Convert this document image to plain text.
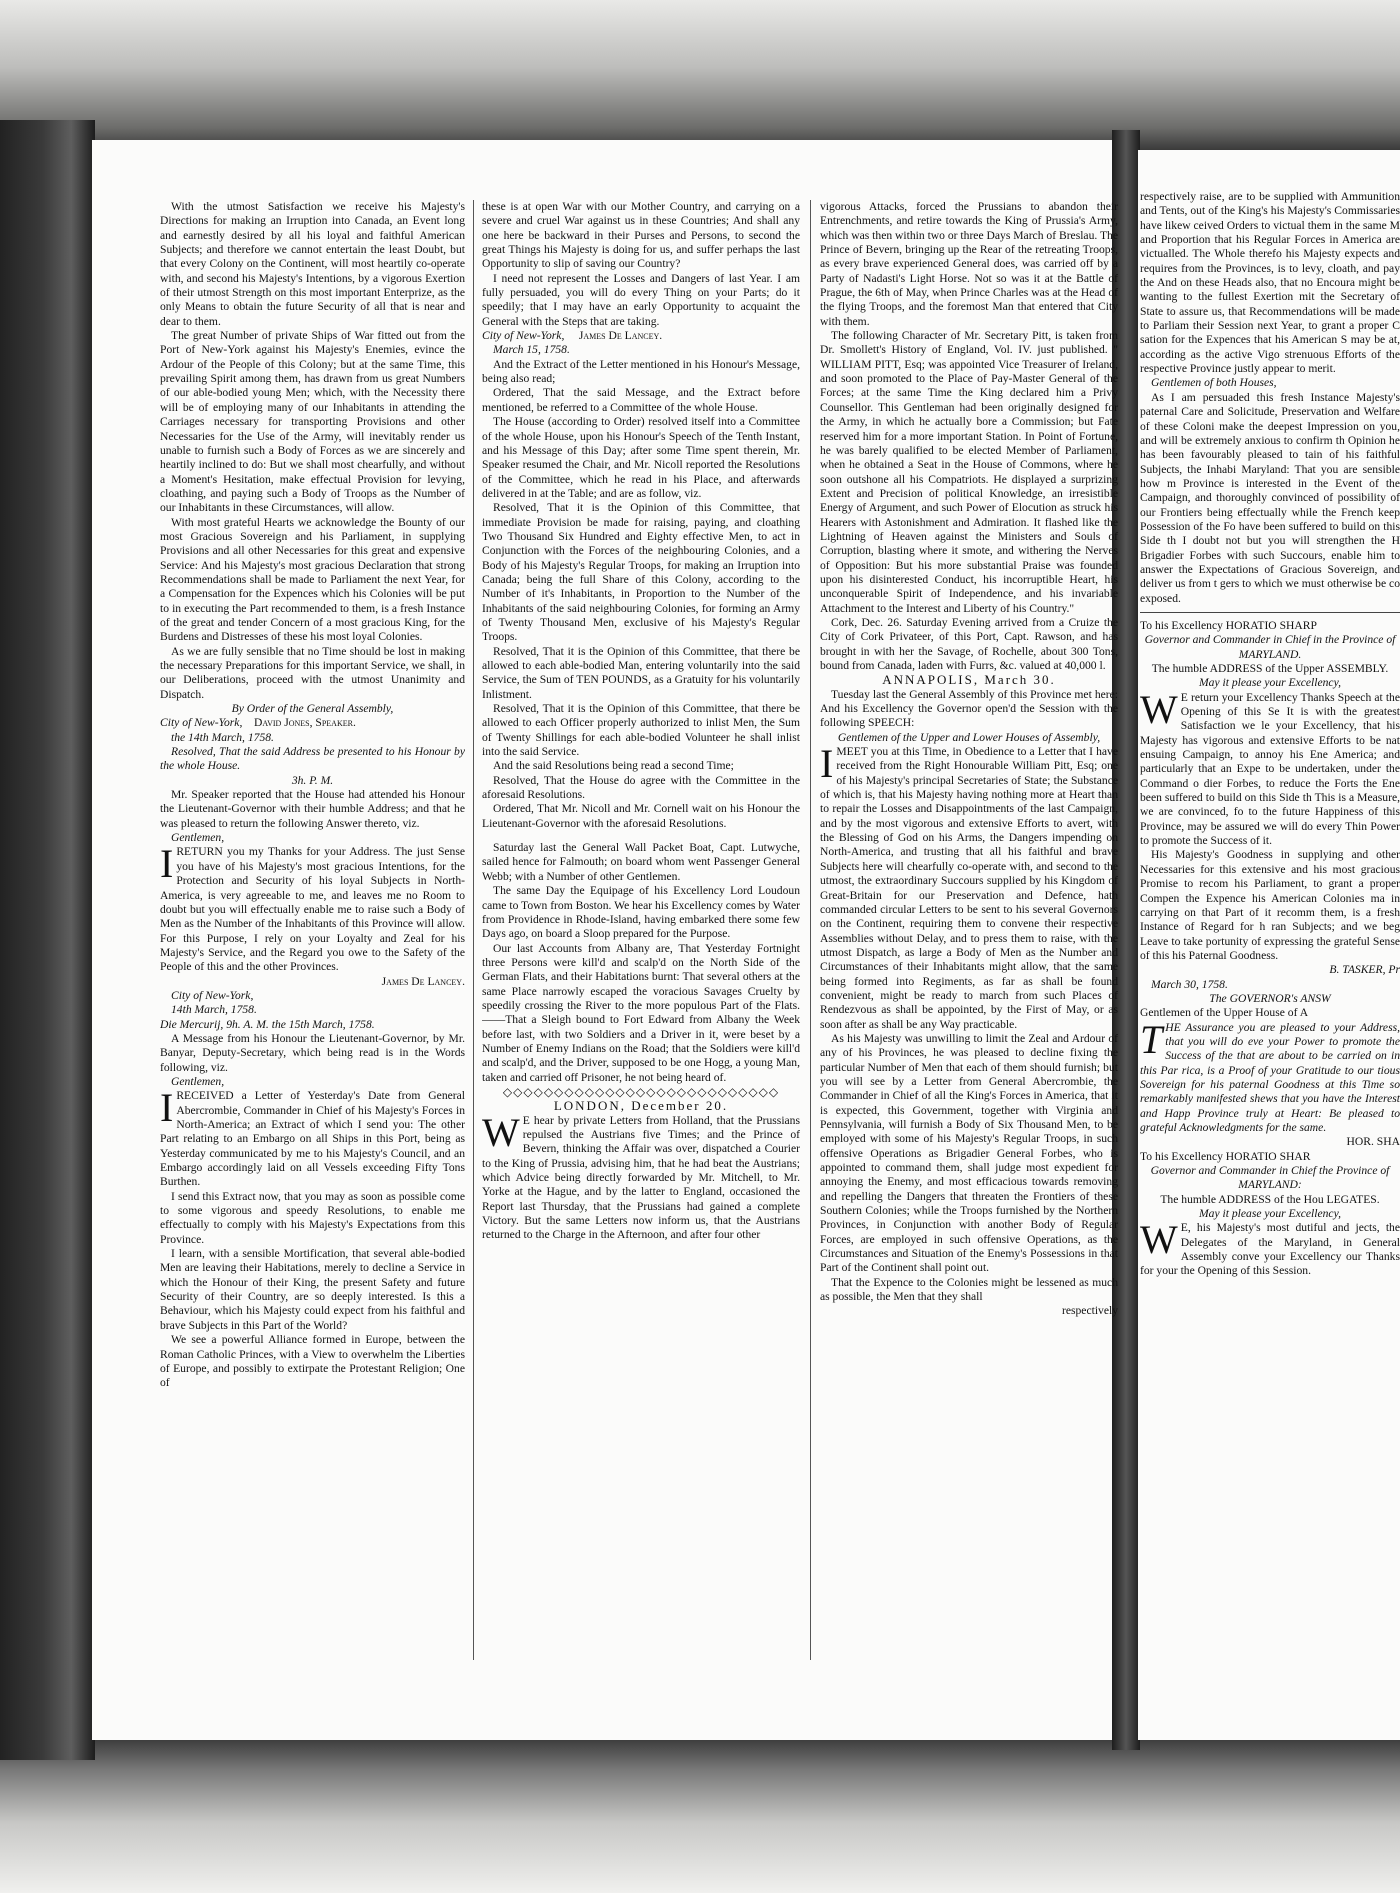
With the utmost Satisfaction we receive his Majesty's Directions for making an Irruption into Canada, an Event long and earnestly desired by all his loyal and faithful American Subjects; and therefore we cannot entertain the least Doubt, but that every Colony on the Continent, will most heartily co-operate with, and second his Majesty's Intentions, by a vigorous Exertion of their utmost Strength on this most important Enterprize, as the only Means to obtain the future Security of all that is near and dear to them.

The great Number of private Ships of War fitted out from the Port of New-York against his Majesty's Enemies, evince the Ardour of the People of this Colony; but at the same Time, this prevailing Spirit among them, has drawn from us great Numbers of our able-bodied young Men; which, with the Necessity there will be of employing many of our Inhabitants in attending the Carriages necessary for transporting Provisions and other Necessaries for the Use of the Army, will inevitably render us unable to furnish such a Body of Forces as we are sincerely and heartily inclined to do: But we shall most chearfully, and without a Moment's Hesitation, make effectual Provision for levying, cloathing, and paying such a Body of Troops as the Number of our Inhabitants in these Circumstances, will allow.

With most grateful Hearts we acknowledge the Bounty of our most Gracious Sovereign and his Parliament, in supplying Provisions and all other Necessaries for this great and expensive Service: And his Majesty's most gracious Declaration that strong Recommendations shall be made to Parliament the next Year, for a Compensation for the Expences which his Colonies will be put to in executing the Part recommended to them, is a fresh Instance of the great and tender Concern of a most gracious King, for the Burdens and Distresses of these his most loyal Colonies.

As we are fully sensible that no Time should be lost in making the necessary Preparations for this important Service, we shall, in our Deliberations, proceed with the utmost Unanimity and Dispatch.

By Order of the General Assembly,

City of New-York, David Jones, Speaker.

the 14th March, 1758.

Resolved, That the said Address be presented to his Honour by the whole House.

3h. P. M.

Mr. Speaker reported that the House had attended his Honour the Lieutenant-Governor with their humble Address; and that he was pleased to return the following Answer thereto, viz.

Gentlemen,

IRETURN you my Thanks for your Address. The just Sense you have of his Majesty's most gracious Intentions, for the Protection and Security of his loyal Subjects in North-America, is very agreeable to me, and leaves me no Room to doubt but you will effectually enable me to raise such a Body of Men as the Number of the Inhabitants of this Province will allow. For this Purpose, I rely on your Loyalty and Zeal for his Majesty's Service, and the Regard you owe to the Safety of the People of this and the other Provinces.

James De Lancey.

City of New-York,

14th March, 1758.

Die Mercurij, 9h. A. M. the 15th March, 1758.

A Message from his Honour the Lieutenant-Governor, by Mr. Banyar, Deputy-Secretary, which being read is in the Words following, viz.

Gentlemen,

IRECEIVED a Letter of Yesterday's Date from General Abercrombie, Commander in Chief of his Majesty's Forces in North-America; an Extract of which I send you: The other Part relating to an Embargo on all Ships in this Port, being as Yesterday communicated by me to his Majesty's Council, and an Embargo accordingly laid on all Vessels exceeding Fifty Tons Burthen.

I send this Extract now, that you may as soon as possible come to some vigorous and speedy Resolutions, to enable me effectually to comply with his Majesty's Expectations from this Province.

I learn, with a sensible Mortification, that several able-bodied Men are leaving their Habitations, merely to decline a Service in which the Honour of their King, the present Safety and future Security of their Country, are so deeply interested. Is this a Behaviour, which his Majesty could expect from his faithful and brave Subjects in this Part of the World?

We see a powerful Alliance formed in Europe, between the Roman Catholic Princes, with a View to overwhelm the Liberties of Europe, and possibly to extirpate the Protestant Religion; One of

these is at open War with our Mother Country, and carrying on a severe and cruel War against us in these Countries; And shall any one here be backward in their Purses and Persons, to second the great Things his Majesty is doing for us, and suffer perhaps the last Opportunity to slip of saving our Country?

I need not represent the Losses and Dangers of last Year. I am fully persuaded, you will do every Thing on your Parts; do it speedily; that I may have an early Opportunity to acquaint the General with the Steps that are taking.

City of New-York, James De Lancey.

March 15, 1758.

And the Extract of the Letter mentioned in his Honour's Message, being also read;

Ordered, That the said Message, and the Extract before mentioned, be referred to a Committee of the whole House.

The House (according to Order) resolved itself into a Committee of the whole House, upon his Honour's Speech of the Tenth Instant, and his Message of this Day; after some Time spent therein, Mr. Speaker resumed the Chair, and Mr. Nicoll reported the Resolutions of the Committee, which he read in his Place, and afterwards delivered in at the Table; and are as follow, viz.

Resolved, That it is the Opinion of this Committee, that immediate Provision be made for raising, paying, and cloathing Two Thousand Six Hundred and Eighty effective Men, to act in Conjunction with the Forces of the neighbouring Colonies, and a Body of his Majesty's Regular Troops, for making an Irruption into Canada; being the full Share of this Colony, according to the Number of it's Inhabitants, in Proportion to the Number of the Inhabitants of the said neighbouring Colonies, for forming an Army of Twenty Thousand Men, exclusive of his Majesty's Regular Troops.

Resolved, That it is the Opinion of this Committee, that there be allowed to each able-bodied Man, entering voluntarily into the said Service, the Sum of TEN POUNDS, as a Gratuity for his voluntarily Inlistment.

Resolved, That it is the Opinion of this Committee, that there be allowed to each Officer properly authorized to inlist Men, the Sum of Twenty Shillings for each able-bodied Volunteer he shall inlist into the said Service.

And the said Resolutions being read a second Time;

Resolved, That the House do agree with the Committee in the aforesaid Resolutions.

Ordered, That Mr. Nicoll and Mr. Cornell wait on his Honour the Lieutenant-Governor with the aforesaid Resolutions.

Saturday last the General Wall Packet Boat, Capt. Lutwyche, sailed hence for Falmouth; on board whom went Passenger General Webb; with a Number of other Gentlemen.

The same Day the Equipage of his Excellency Lord Loudoun came to Town from Boston. We hear his Excellency comes by Water from Providence in Rhode-Island, having embarked there some few Days ago, on board a Sloop prepared for the Purpose.

Our last Accounts from Albany are, That Yesterday Fortnight three Persons were kill'd and scalp'd on the North Side of the German Flats, and their Habitations burnt: That several others at the same Place narrowly escaped the voracious Savages Cruelty by speedily crossing the River to the more populous Part of the Flats.——That a Sleigh bound to Fort Edward from Albany the Week before last, with two Soldiers and a Driver in it, were beset by a Number of Enemy Indians on the Road; that the Soldiers were kill'd and scalp'd, and the Driver, supposed to be one Hogg, a young Man, taken and carried off Prisoner, he not being heard of.

◇◇◇◇◇◇◇◇◇◇◇◇◇◇◇◇◇◇◇◇◇◇◇◇◇◇◇

LONDON, December 20.

W E hear by private Letters from Holland, that the Prussians repulsed the Austrians five Times; and the Prince of Bevern, thinking the Affair was over, dispatched a Courier to the King of Prussia, advising him, that he had beat the Austrians; which Advice being directly forwarded by Mr. Mitchell, to Mr. Yorke at the Hague, and by the latter to England, occasioned the Report last Thursday, that the Prussians had gained a complete Victory. But the same Letters now inform us, that the Austrians returned to the Charge in the Afternoon, and after four other

vigorous Attacks, forced the Prussians to abandon their Entrenchments, and retire towards the King of Prussia's Army, which was then within two or three Days March of Breslau. The Prince of Bevern, bringing up the Rear of the retreating Troops, as every brave experienced General does, was carried off by a Party of Nadasti's Light Horse. Not so was it at the Battle of Prague, the 6th of May, when Prince Charles was at the Head of the flying Troops, and the foremost Man that entered that City with them.

The following Character of Mr. Secretary Pitt, is taken from Dr. Smollett's History of England, Vol. IV. just published. " WILLIAM PITT, Esq; was appointed Vice Treasurer of Ireland, and soon promoted to the Place of Pay-Master General of the Forces; at the same Time the King declared him a Privy Counsellor. This Gentleman had been originally designed for the Army, in which he actually bore a Commission; but Fate reserved him for a more important Station. In Point of Fortune, he was barely qualified to be elected Member of Parliament, when he obtained a Seat in the House of Commons, where he soon outshone all his Compatriots. He displayed a surprizing Extent and Precision of political Knowledge, an irresistible Energy of Argument, and such Power of Elocution as struck his Hearers with Astonishment and Admiration. It flashed like the Lightning of Heaven against the Ministers and Souls of Corruption, blasting where it smote, and withering the Nerves of Opposition: But his more substantial Praise was founded upon his disinterested Conduct, his incorruptible Heart, his unconquerable Spirit of Independence, and his invariable Attachment to the Interest and Liberty of his Country."

Cork, Dec. 26. Saturday Evening arrived from a Cruize the City of Cork Privateer, of this Port, Capt. Rawson, and has brought in with her the Savage, of Rochelle, about 300 Tons, bound from Canada, laden with Furrs, &c. valued at 40,000 l.

ANNAPOLIS, March 30.

Tuesday last the General Assembly of this Province met here: And his Excellency the Governor open'd the Session with the following SPEECH:

Gentlemen of the Upper and Lower Houses of Assembly,

IMEET you at this Time, in Obedience to a Letter that I have received from the Right Honourable William Pitt, Esq; one of his Majesty's principal Secretaries of State; the Substance of which is, that his Majesty having nothing more at Heart than to repair the Losses and Disappointments of the last Campaign, and by the most vigorous and extensive Efforts to avert, with the Blessing of God on his Arms, the Dangers impending on North-America, and trusting that all his faithful and brave Subjects here will chearfully co-operate with, and second to the utmost, the extraordinary Succours supplied by his Kingdom of Great-Britain for our Preservation and Defence, hath commanded circular Letters to be sent to his several Governors on the Continent, requiring them to convene their respective Assemblies without Delay, and to press them to raise, with the utmost Dispatch, as large a Body of Men as the Number and Circumstances of their Inhabitants might allow, that the same being formed into Regiments, as far as shall be found convenient, might be ready to march from such Places of Rendezvous as shall be appointed, by the First of May, or as soon after as shall be any Way practicable.

As his Majesty was unwilling to limit the Zeal and Ardour of any of his Provinces, he was pleased to decline fixing the particular Number of Men that each of them should furnish; but you will see by a Letter from General Abercrombie, the Commander in Chief of all the King's Forces in America, that it is expected, this Government, together with Virginia and Pennsylvania, will furnish a Body of Six Thousand Men, to be employed with some of his Majesty's Regular Troops, in such offensive Operations as Brigadier General Forbes, who is appointed to command them, shall judge most expedient for annoying the Enemy, and most efficacious towards removing and repelling the Dangers that threaten the Frontiers of these Southern Colonies; while the Troops furnished by the Northern Provinces, in Conjunction with another Body of Regular Forces, are employed in such offensive Operations, as the Circumstances and Situation of the Enemy's Possessions in that Part of the Continent shall point out.

That the Expence to the Colonies might be lessened as much as possible, the Men that they shall

respectively

respectively raise, are to be supplied with Ammunition and Tents, out of the King's his Majesty's Commissaries have likew ceived Orders to victual them in the same M and Proportion that his Regular Forces in America are victualled. The Whole therefo his Majesty expects and requires from the Provinces, is to levy, cloath, and pay the And on these Heads also, that no Encoura might be wanting to the fullest Exertion mit the Secretary of State to assure us, that Recommendations will be made to Parliam their Session next Year, to grant a proper C sation for the Expences that his American S may be at, according as the active Vigo strenuous Efforts of the respective Province justly appear to merit.

Gentlemen of both Houses,

As I am persuaded this fresh Instance Majesty's paternal Care and Solicitude, Preservation and Welfare of these Coloni make the deepest Impression on you, and will be extremely anxious to confirm th Opinion he has been favourably pleased to tain of his faithful Subjects, the Inhabi Maryland: That you are sensible how m Province is interested in the Event of the Campaign, and thoroughly convinced of possibility of our Frontiers being effectually while the French keep Possession of the Fo have been suffered to build on this Side th I doubt not but you will strengthen the H Brigadier Forbes with such Succours, enable him to answer the Expectations of Gracious Sovereign, and deliver us from t gers to which we must otherwise be co exposed.

To his Excellency HORATIO SHARP

Governor and Commander in Chief in the Province of MARYLAND.

The humble ADDRESS of the Upper ASSEMBLY.

May it please your Excellency,

W E return your Excellency Thanks Speech at the Opening of this Se It is with the greatest Satisfaction we le your Excellency, that his Majesty has vigorous and extensive Efforts to be nat ensuing Campaign, to annoy his Ene America; and particularly that an Expe to be undertaken, under the Command o dier Forbes, to reduce the Forts the Ene been suffered to build on this Side th This is a Measure, we are convinced, fo to the future Happiness of this Province, may be assured we will do every Thin Power to promote the Success of it.

His Majesty's Goodness in supplying and other Necessaries for this extensive and his most gracious Promise to recom his Parliament, to grant a proper Compen the Expence his American Colonies ma in carrying on that Part of it recomm them, is a fresh Instance of Regard for h ran Subjects; and we beg Leave to take portunity of expressing the grateful Sense of this his Paternal Goodness.

B. TASKER, Pr

March 30, 1758.

The GOVERNOR's ANSW

Gentlemen of the Upper House of A

THE Assurance you are pleased to your Address, that you will do eve your Power to promote the Success of the that are about to be carried on in this Par rica, is a Proof of your Gratitude to our tious Sovereign for his paternal Goodness at this Time so remarkably manifested shews that you have the Interest and Happ Province truly at Heart: Be pleased to grateful Acknowledgments for the same.

HOR. SHA

To his Excellency HORATIO SHAR

Governor and Commander in Chief the Province of MARYLAND:

The humble ADDRESS of the Hou LEGATES.

May it please your Excellency,

W E, his Majesty's most dutiful and jects, the Delegates of the Maryland, in General Assembly conve your Excellency our Thanks for your the Opening of this Session.
